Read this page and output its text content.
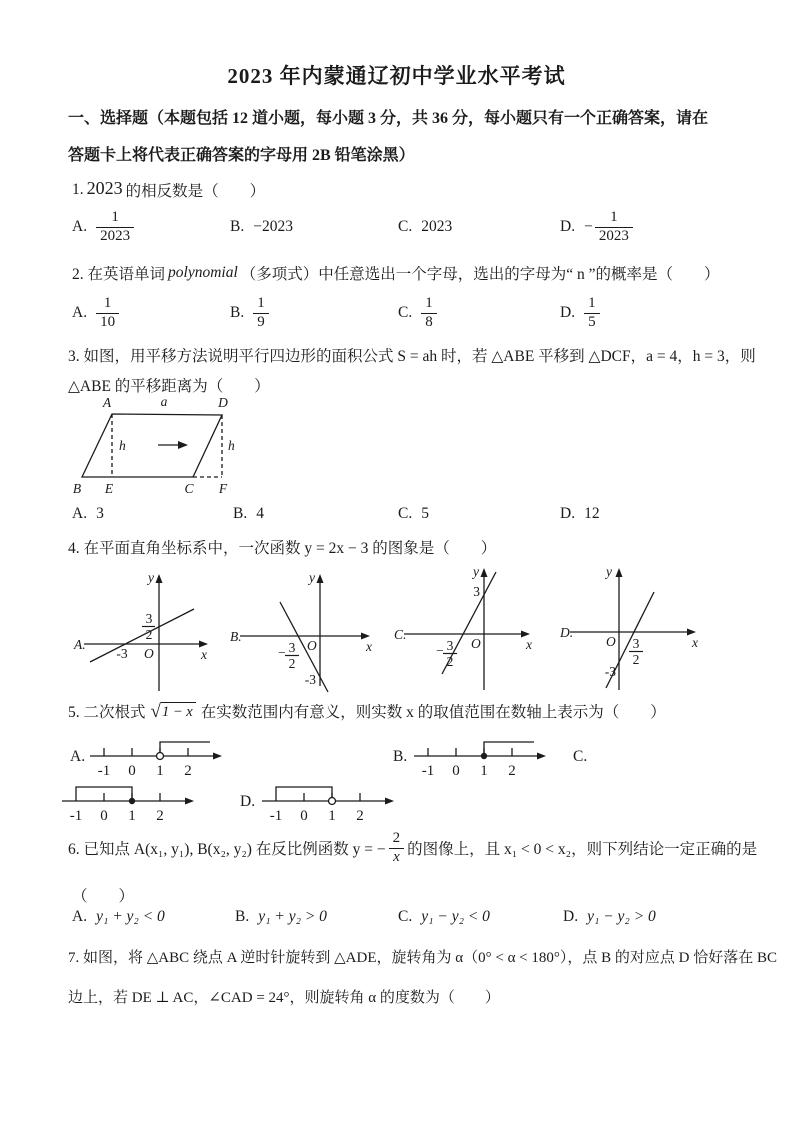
2023 年内蒙通辽初中学业水平考试
一、选择题（本题包括 12 道小题，每小题 3 分，共 36 分，每小题只有一个正确答案，请在
答题卡上将代表正确答案的字母用 2B 铅笔涂黑）
1. 2023 的相反数是（　　）
A. $\frac{1}{2023}$	B. −2023	C. 2023	D. − $\frac{1}{2023}$
2. 在英语单词 polynomial （多项式）中任意选出一个字母，选出的字母为“ n ”的概率是（　　）
A. $\frac{1}{10}$	B. $\frac{1}{9}$	C. $\frac{1}{8}$	D. $\frac{1}{5}$
3. 如图，用平移方法说明平行四边形的面积公式 S = ah 时，若 △ABE 平移到 △DCF，a = 4，h = 3，则
△ABE 的平移距离为（　　）
A	a	D
B E	C F
h	h
A. 3	B. 4	C. 5	D. 12
4. 在平面直角坐标系中，一次函数 y = 2x − 3 的图象是（　　）
A.
y
x
O
-3
3
2	B.
y
x
O
− 3
2
-3
C.
y
x
O
− 3
2
3
D.
y
x
O 3
2
-3
5. 二次根式 √ 1 − x 在实数范围内有意义，则实数 x 的取值范围在数轴上表示为（　　）
A.
-1 0 1 2
B.
-1 0 1 2
C.
-1 0 1 2
D.
-1 0 1 2
6. 已知点 A(x₁, y₁), B(x₂, y₂) 在反比例函数 y = − $\frac{2}{x}$ 的图像上，且 x₁ < 0 < x₂，则下列结论一定正确的是
（　　）
A. y₁ + y₂ < 0	B. y₁ + y₂ > 0	C. y₁ − y₂ < 0	D. y₁ − y₂ > 0
7. 如图，将 △ABC 绕点 A 逆时针旋转到 △ADE，旋转角为 α（0° < α < 180°），点 B 的对应点 D 恰好落在 BC
边上，若 DE ⊥ AC，∠CAD = 24°，则旋转角 α 的度数为（　　）
